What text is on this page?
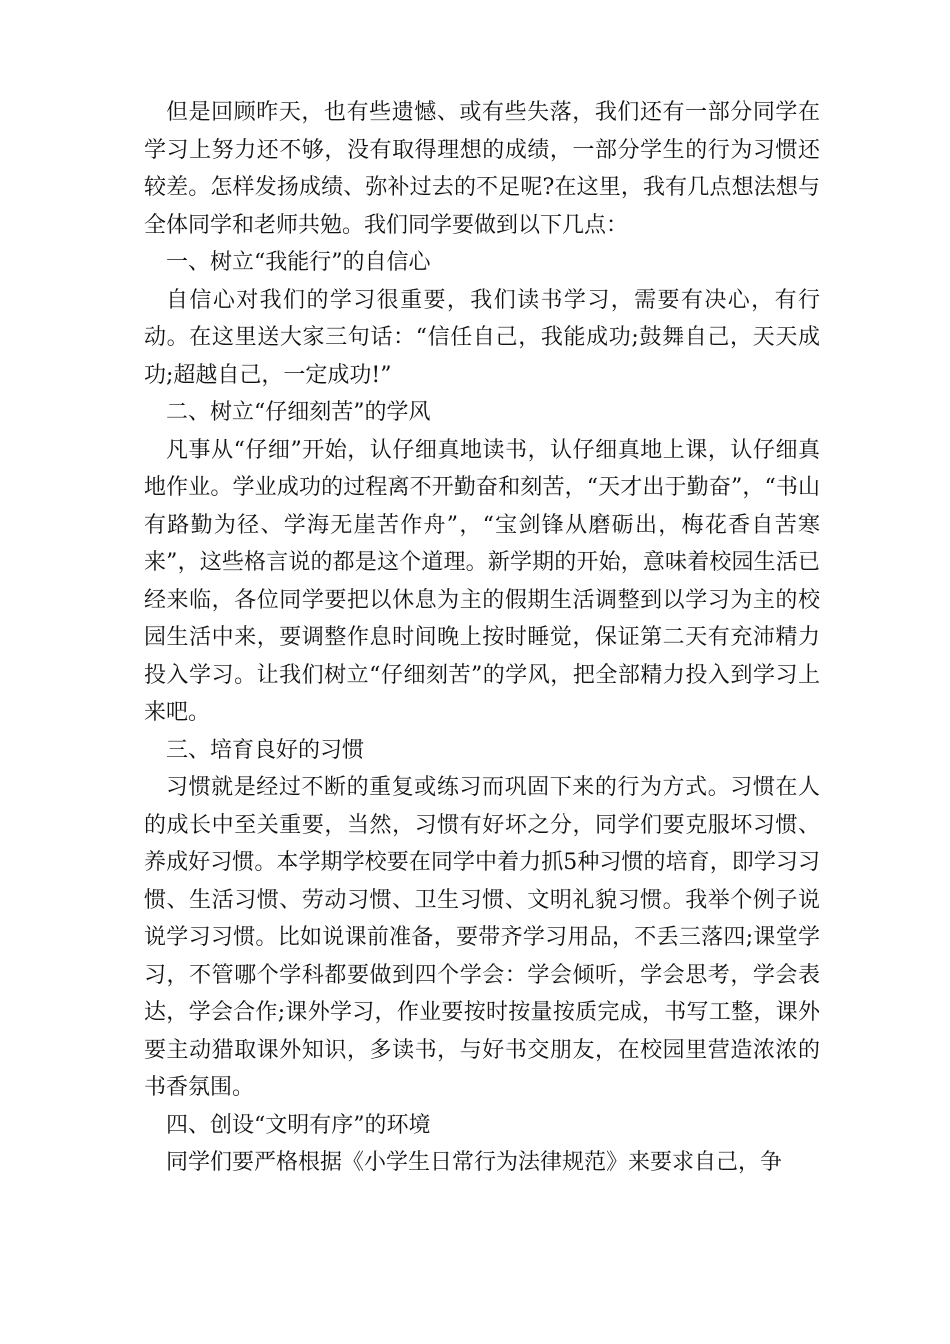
但是回顾昨天，也有些遗憾、或有些失落，我们还有一部分同学在学习上努力还不够，没有取得理想的成绩，一部分学生的行为习惯还较差。怎样发扬成绩、弥补过去的不足呢?在这里，我有几点想法想与全体同学和老师共勉。我们同学要做到以下几点：

一、树立“我能行”的自信心

自信心对我们的学习很重要，我们读书学习，需要有决心，有行动。在这里送大家三句话：“信任自己，我能成功;鼓舞自己，天天成功;超越自己，一定成功!”

二、树立“仔细刻苦”的学风

凡事从“仔细”开始，认仔细真地读书，认仔细真地上课，认仔细真地作业。学业成功的过程离不开勤奋和刻苦，“天才出于勤奋”，“书山有路勤为径、学海无崖苦作舟”，“宝剑锋从磨砺出，梅花香自苦寒来”，这些格言说的都是这个道理。新学期的开始，意味着校园生活已经来临，各位同学要把以休息为主的假期生活调整到以学习为主的校园生活中来，要调整作息时间晚上按时睡觉，保证第二天有充沛精力投入学习。让我们树立“仔细刻苦”的学风，把全部精力投入到学习上来吧。

三、培育良好的习惯

习惯就是经过不断的重复或练习而巩固下来的行为方式。习惯在人的成长中至关重要，当然，习惯有好坏之分，同学们要克服坏习惯、养成好习惯。本学期学校要在同学中着力抓5种习惯的培育，即学习习惯、生活习惯、劳动习惯、卫生习惯、文明礼貌习惯。我举个例子说说学习习惯。比如说课前准备，要带齐学习用品，不丢三落四;课堂学习，不管哪个学科都要做到四个学会：学会倾听，学会思考，学会表达，学会合作;课外学习，作业要按时按量按质完成，书写工整，课外要主动猎取课外知识，多读书，与好书交朋友，在校园里营造浓浓的书香氛围。

四、创设“文明有序”的环境

同学们要严格根据《小学生日常行为法律规范》来要求自己，争
